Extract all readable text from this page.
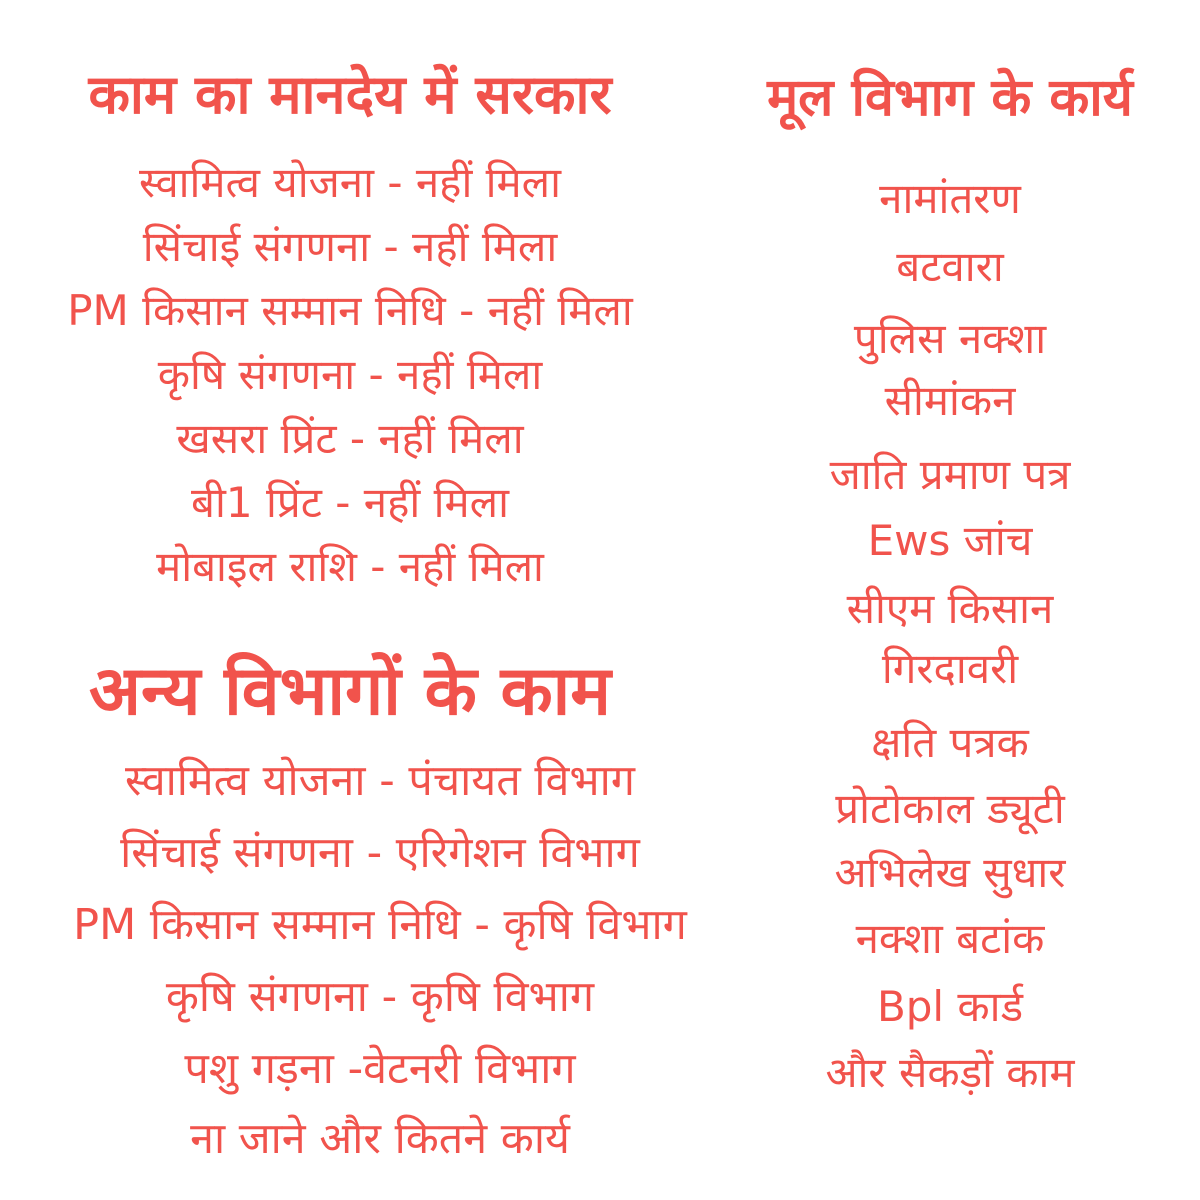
काम का मानदेय में सरकार

स्वामित्व योजना - नहीं मिला

सिंचाई संगणना - नहीं मिला

PM किसान सम्मान निधि - नहीं मिला

कृषि संगणना - नहीं मिला

खसरा प्रिंट - नहीं मिला

बी1 प्रिंट - नहीं मिला

मोबाइल राशि - नहीं मिला

अन्य विभागों के काम

स्वामित्व योजना - पंचायत विभाग

सिंचाई संगणना - एरिगेशन विभाग

PM किसान सम्मान निधि - कृषि विभाग

कृषि संगणना - कृषि विभाग

पशु गड़ना -वेटनरी विभाग

ना जाने और कितने कार्य

मूल विभाग के कार्य

नामांतरण

बटवारा

पुलिस नक्शा

सीमांकन

जाति प्रमाण पत्र

Ews जांच

सीएम किसान

गिरदावरी

क्षति पत्रक

प्रोटोकाल ड्यूटी

अभिलेख सुधार

नक्शा बटांक

Bpl कार्ड

और सैकड़ों काम
